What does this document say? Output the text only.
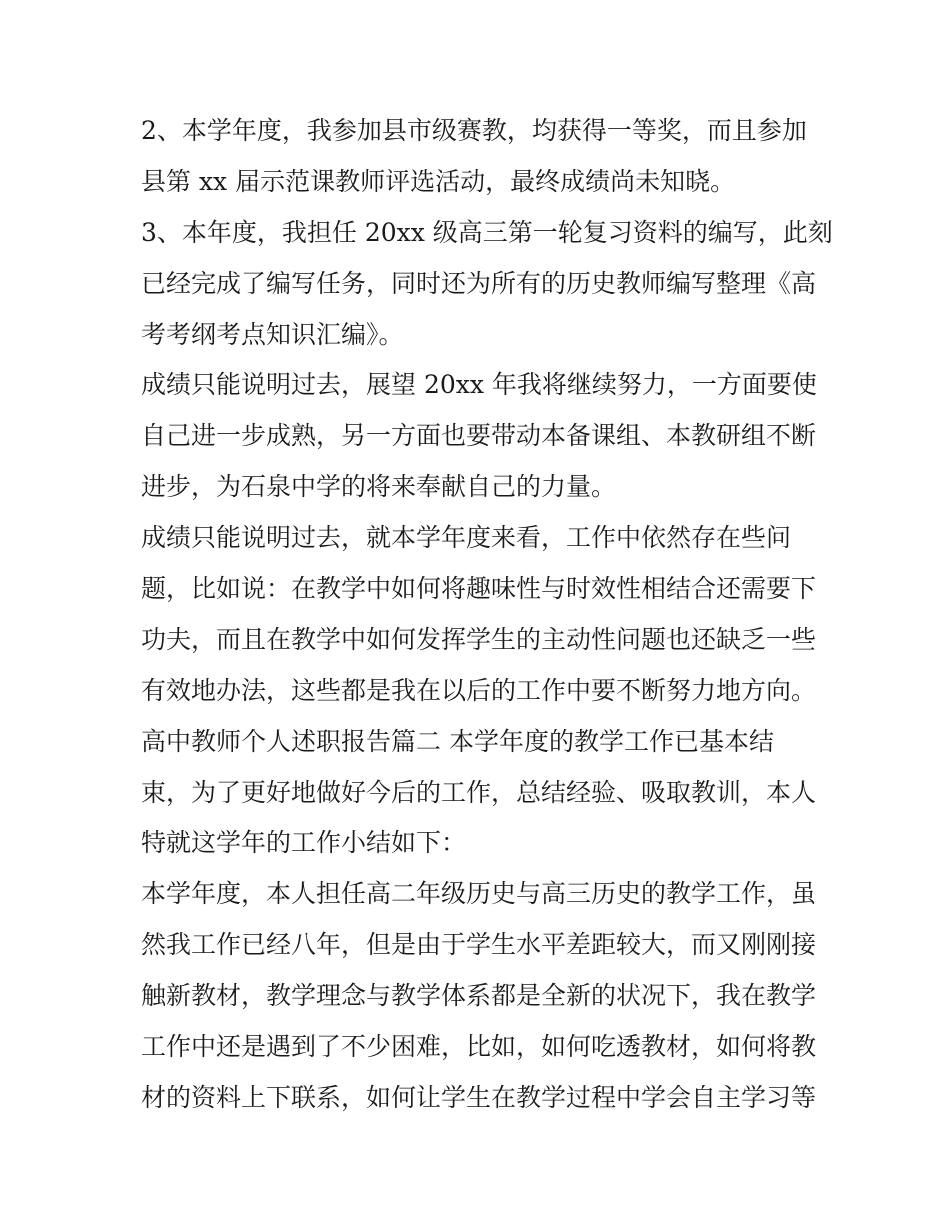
2、本学年度，我参加县市级赛教，均获得一等奖，而且参加
县第 xx 届示范课教师评选活动，最终成绩尚未知晓。
3、本年度，我担任 20xx 级高三第一轮复习资料的编写，此刻
已经完成了编写任务，同时还为所有的历史教师编写整理《高
考考纲考点知识汇编》。
成绩只能说明过去，展望 20xx 年我将继续努力，一方面要使
自己进一步成熟，另一方面也要带动本备课组、本教研组不断
进步，为石泉中学的将来奉献自己的力量。
成绩只能说明过去，就本学年度来看，工作中依然存在些问
题，比如说：在教学中如何将趣味性与时效性相结合还需要下
功夫，而且在教学中如何发挥学生的主动性问题也还缺乏一些
有效地办法，这些都是我在以后的工作中要不断努力地方向。
高中教师个人述职报告篇二 本学年度的教学工作已基本结
束，为了更好地做好今后的工作，总结经验、吸取教训，本人
特就这学年的工作小结如下：
本学年度，本人担任高二年级历史与高三历史的教学工作，虽
然我工作已经八年，但是由于学生水平差距较大，而又刚刚接
触新教材，教学理念与教学体系都是全新的状况下，我在教学
工作中还是遇到了不少困难，比如，如何吃透教材，如何将教
材的资料上下联系，如何让学生在教学过程中学会自主学习等
